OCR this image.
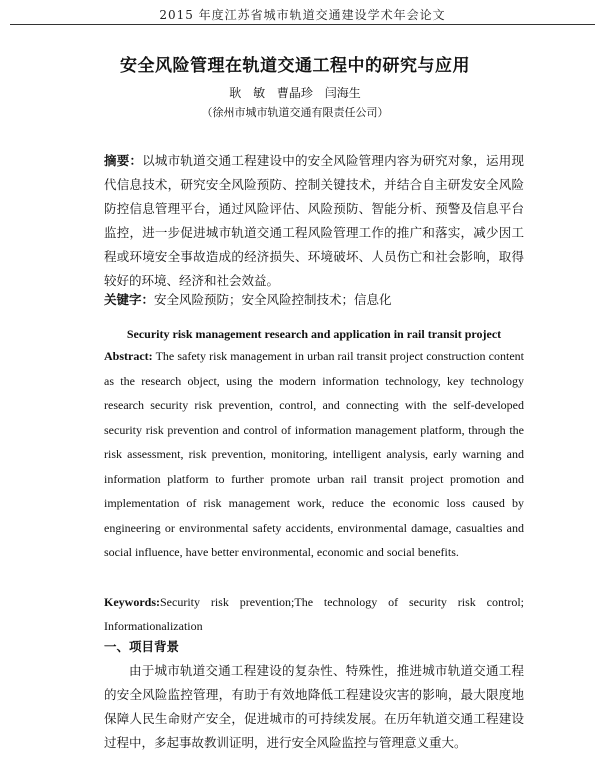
2015 年度江苏省城市轨道交通建设学术年会论文
安全风险管理在轨道交通工程中的研究与应用
耿 敏 曹晶珍 闫海生
（徐州市城市轨道交通有限责任公司）
摘要：以城市轨道交通工程建设中的安全风险管理内容为研究对象，运用现代信息技术，研究安全风险预防、控制关键技术，并结合自主研发安全风险防控信息管理平台，通过风险评估、风险预防、智能分析、预警及信息平台监控，进一步促进城市轨道交通工程风险管理工作的推广和落实，减少因工程或环境安全事故造成的经济损失、环境破坏、人员伤亡和社会影响，取得较好的环境、经济和社会效益。
关键字：安全风险预防；安全风险控制技术；信息化
Security risk management research and application in rail transit project
Abstract: The safety risk management in urban rail transit project construction content as the research object, using the modern information technology, key technology research security risk prevention, control, and connecting with the self-developed security risk prevention and control of information management platform, through the risk assessment, risk prevention, monitoring, intelligent analysis, early warning and information platform to further promote urban rail transit project promotion and implementation of risk management work, reduce the economic loss caused by engineering or environmental safety accidents, environmental damage, casualties and social influence, have better environmental, economic and social benefits.
Keywords:Security risk prevention;The technology of security risk control; Informationalization
一、项目背景
由于城市轨道交通工程建设的复杂性、特殊性，推进城市轨道交通工程的安全风险监控管理，有助于有效地降低工程建设灾害的影响，最大限度地保障人民生命财产安全，促进城市的可持续发展。在历年轨道交通工程建设过程中，多起事故教训证明，进行安全风险监控与管理意义重大。
